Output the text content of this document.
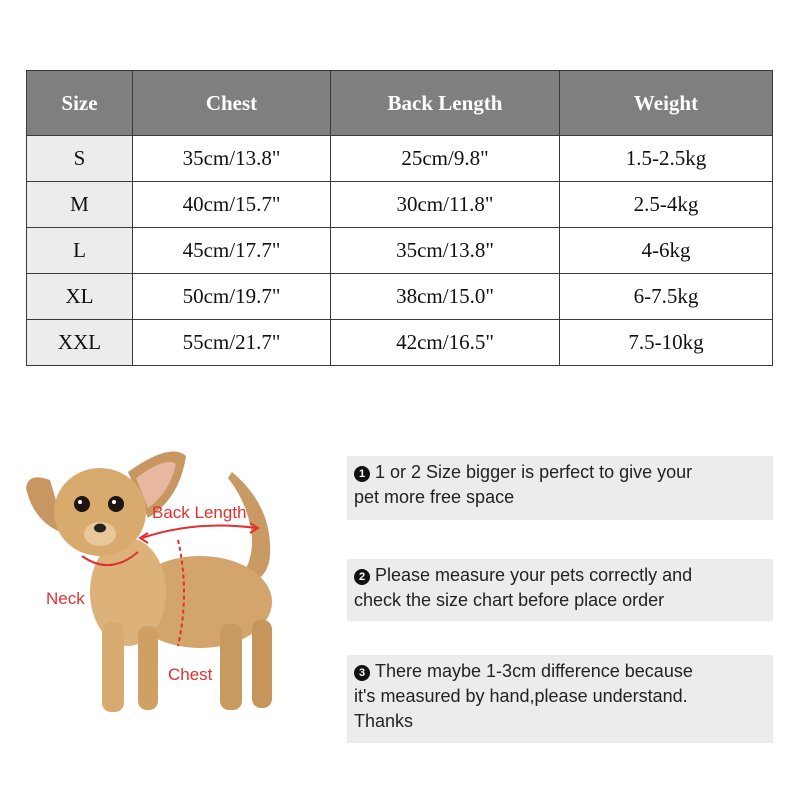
Size	Chest	Back Length	Weight
S	35cm/13.8"	25cm/9.8"	1.5-2.5kg
M	40cm/15.7"	30cm/11.8"	2.5-4kg
L	45cm/17.7"	35cm/13.8"	4-6kg
XL	50cm/19.7"	38cm/15.0"	6-7.5kg
XXL	55cm/21.7"	42cm/16.5"	7.5-10kg
Back Length
Neck
Chest
1 1 or 2 Size bigger is perfect to give your
pet more free space
2 Please measure your pets correctly and
check the size chart before place order
3 There maybe 1-3cm difference because
it's measured by hand,please understand.
Thanks
